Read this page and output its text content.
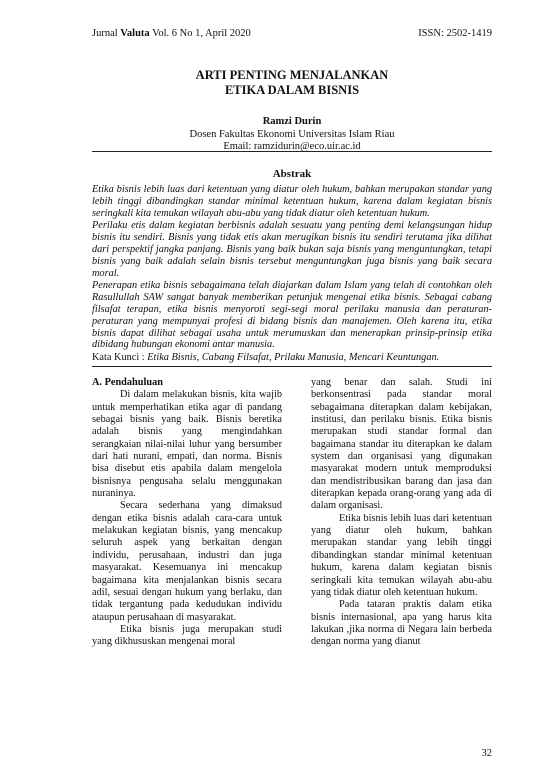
Jurnal Valuta Vol. 6 No 1, April 2020	ISSN: 2502-1419
ARTI PENTING MENJALANKAN
ETIKA DALAM BISNIS
Ramzi Durin
Dosen Fakultas Ekonomi Universitas Islam Riau
Email: ramzidurin@eco.uir.ac.id
Abstrak

Etika bisnis lebih luas dari ketentuan yang diatur oleh hukum, bahkan merupakan standar yang lebih tinggi dibandingkan standar minimal ketentuan hukum, karena dalam kegiatan bisnis seringkali kita temukan wilayah abu-abu yang tidak diatur oleh ketentuan hukum.

Perilaku etis dalam kegiatan berbisnis adalah sesuatu yang penting demi kelangsungan hidup bisnis itu sendiri. Bisnis yang tidak etis akan merugikan bisnis itu sendiri terutama jika dilihat dari perspektif jangka panjang. Bisnis yang baik bukan saja bisnis yang menguntungkan, tetapi bisnis yang baik adalah selain bisnis tersebut menguntungkan juga bisnis yang baik secara moral.

Penerapan etika bisnis sebagaimana telah diajarkan dalam Islam yang telah di contohkan oleh Rasullullah SAW sangat banyak memberikan petunjuk mengenai etika bisnis. Sebagai cabang filsafat terapan, etika bisnis menyoroti segi-segi moral perilaku manusia dan peraturan-peraturan yang mempunyai profesi di bidang bisnis dan manajemen. Oleh karena itu, etika bisnis dapat dilihat sebagai usaha untuk merumuskan dan menerapkan prinsip-prinsip etika dibidang hubungan ekonomi antar manusia.

Kata Kunci : Etika Bisnis, Cabang Filsafat, Prilaku Manusia, Mencari Keuntungan.

A. Pendahuluan

Di dalam melakukan bisnis, kita wajib untuk memperhatikan etika agar di pandang sebagai bisnis yang baik. Bisnis beretika adalah bisnis yang mengindahkan serangkaian nilai-nilai luhur yang bersumber dari hati nurani, empati, dan norma. Bisnis bisa disebut etis apabila dalam mengelola bisnisnya pengusaha selalu menggunakan nuraninya.

Secara sederhana yang dimaksud dengan etika bisnis adalah cara-cara untuk melakukan kegiatan bisnis, yang mencakup seluruh aspek yang berkaitan dengan individu, perusahaan, industri dan juga masyarakat. Kesemuanya ini mencakup bagaimana kita menjalankan bisnis secara adil, sesuai dengan hukum yang berlaku, dan tidak tergantung pada kedudukan individu ataupun perusahaan di masyarakat.

Etika bisnis juga merupakan studi yang dikhususkan mengenai moral

yang benar dan salah. Studi ini berkonsentrasi pada standar moral sebagaimana diterapkan dalam kebijakan, institusi, dan perilaku bisnis. Etika bisnis merupakan studi standar formal dan bagaimana standar itu diterapkan ke dalam system dan organisasi yang digunakan masyarakat modern untuk memproduksi dan mendistribusikan barang dan jasa dan diterapkan kepada orang-orang yang ada di dalam organisasi.

Etika bisnis lebih luas dari ketentuan yang diatur oleh hukum, bahkan merupakan standar yang lebih tinggi dibandingkan standar minimal ketentuan hukum, karena dalam kegiatan bisnis seringkali kita temukan wilayah abu-abu yang tidak diatur oleh ketentuan hukum.

Pada tataran praktis dalam etika bisnis internasional, apa yang harus kita lakukan ,jika norma di Negara lain berbeda dengan norma yang dianut

32
